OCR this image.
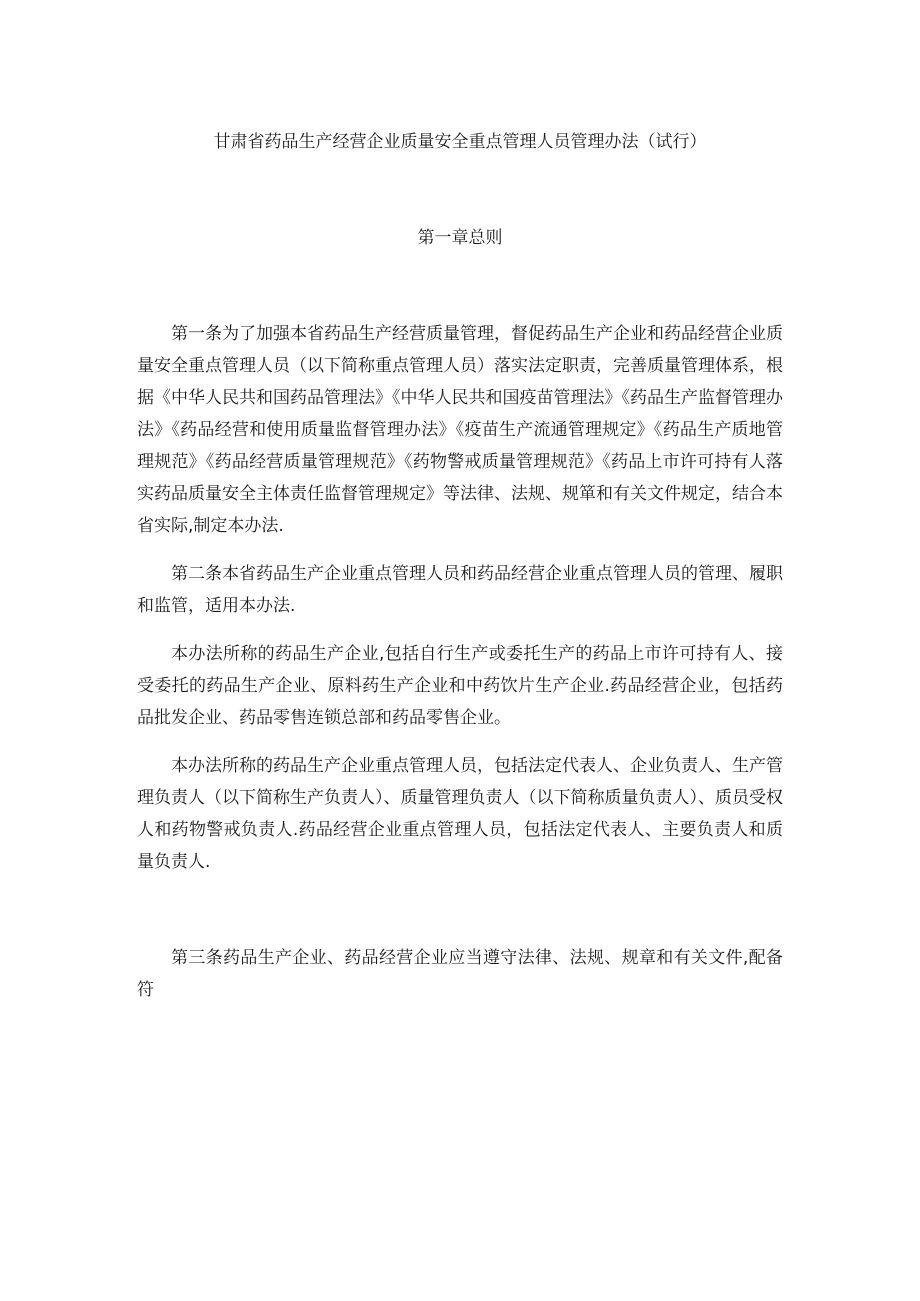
甘肃省药品生产经营企业质量安全重点管理人员管理办法（试行）
第一章总则

第一条为了加强本省药品生产经营质量管理，督促药品生产企业和药品经营企业质量安全重点管理人员（以下简称重点管理人员）落实法定职责，完善质量管理体系，根据《中华人民共和国药品管理法》《中华人民共和国疫苗管理法》《药品生产监督管理办法》《药品经营和使用质量监督管理办法》《疫苗生产流通管理规定》《药品生产质地管理规范》《药品经营质量管理规范》《药物警戒质量管理规范》《药品上市许可持有人落实药品质量安全主体责任监督管理规定》等法律、法规、规箪和有关文件规定，结合本省实际,制定本办法.

第二条本省药品生产企业重点管理人员和药品经营企业重点管理人员的管理、履职和监管，适用本办法.

本办法所称的药品生产企业,包括自行生产或委托生产的药品上市许可持有人、接受委托的药品生产企业、原料药生产企业和中药饮片生产企业.药品经营企业，包括药品批发企业、药品零售连锁总部和药品零售企业。

本办法所称的药品生产企业重点管理人员，包括法定代表人、企业负责人、生产管理负责人（以下简称生产负责人）、质量管理负责人（以下简称质量负责人）、质员受权人和药物警戒负责人.药品经营企业重点管理人员，包括法定代表人、主要负责人和质量负责人.

第三条药品生产企业、药品经营企业应当遵守法律、法规、规章和有关文件,配备符
